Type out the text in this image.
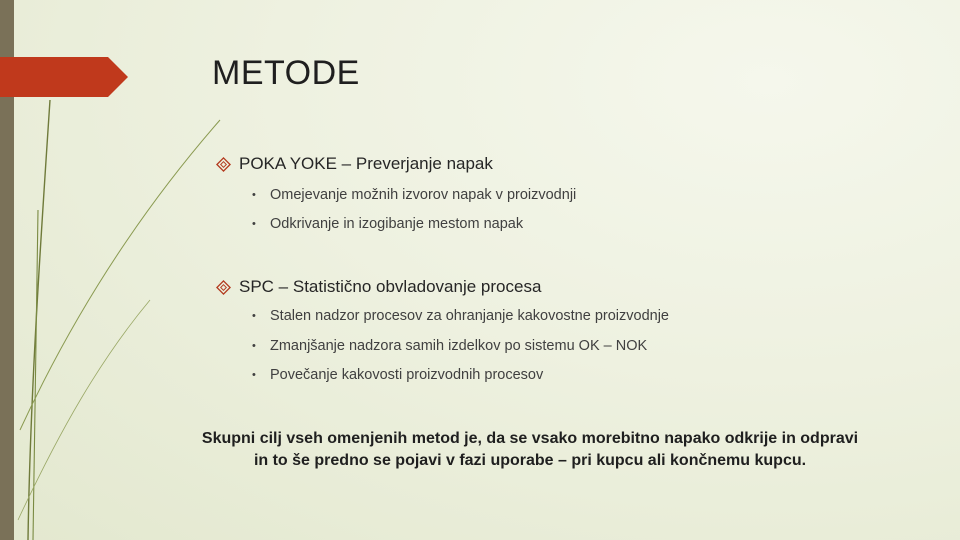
METODE
POKA YOKE – Preverjanje napak
• Omejevanje možnih izvorov napak v proizvodnji
• Odkrivanje in izogibanje mestom napak
SPC – Statistično obvladovanje procesa
• Stalen nadzor procesov za ohranjanje kakovostne proizvodnje
• Zmanjšanje nadzora samih izdelkov po sistemu OK – NOK
• Povečanje kakovosti proizvodnih procesov
Skupni cilj vseh omenjenih metod je, da se vsako morebitno napako odkrije in odpravi
in to še predno se pojavi v fazi uporabe – pri kupcu ali končnemu kupcu.
